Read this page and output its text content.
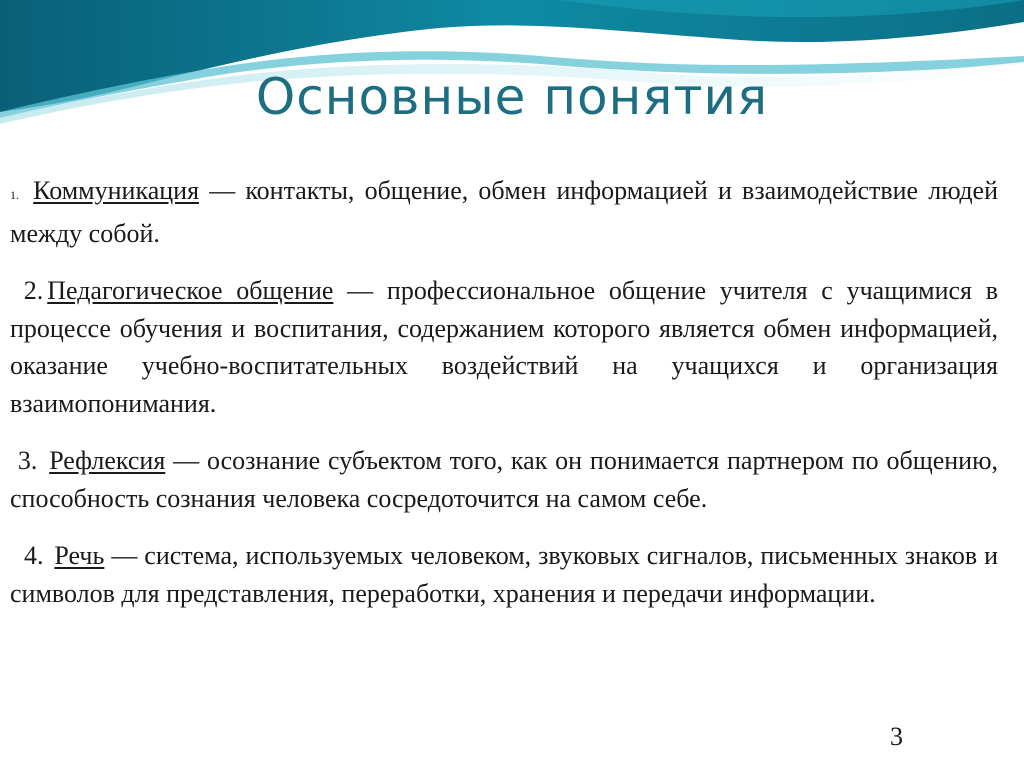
Основные понятия

1. Коммуникация — контакты, общение, обмен информацией и взаимодействие людей между собой.

2. Педагогическое общение — профессиональное общение учителя с учащимися в процессе обучения и воспитания, содержанием которого является обмен информацией, оказание учебно-воспитательных воздействий на учащихся и организация взаимопонимания.

3. Рефлексия — осознание субъектом того, как он понимается партнером по общению, способность сознания человека сосредоточится на самом себе.

4. Речь — система, используемых человеком, звуковых сигналов, письменных знаков и символов для представления, переработки, хранения и передачи информации.

3
